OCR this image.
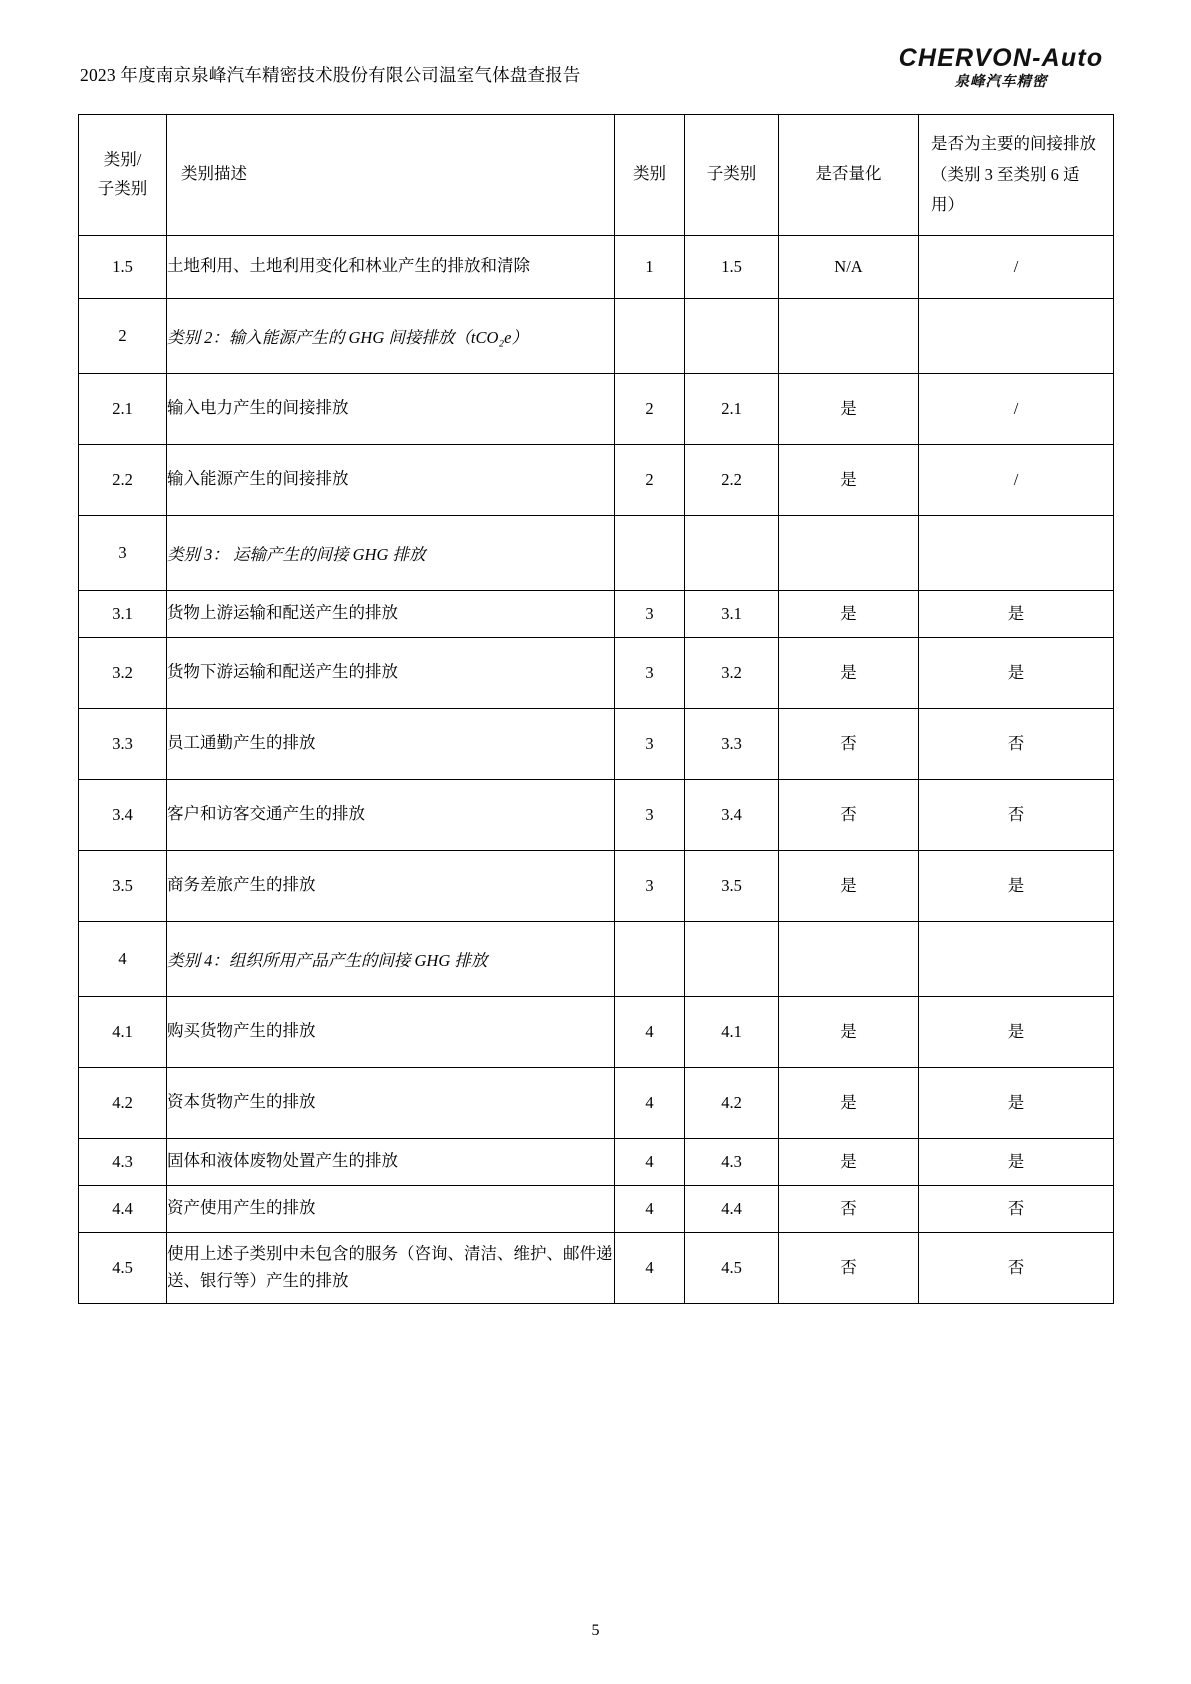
2023 年度南京泉峰汽车精密技术股份有限公司温室气体盘查报告
CHERVON-Auto
泉峰汽车精密
类别/
子类别	类别描述	类别	子类别	是否量化	是否为主要的间接排放（类别 3 至类别 6 适用）
1.5	土地利用、土地利用变化和林业产生的排放和清除	1	1.5	N/A	/
2	类别 2：输入能源产生的 GHG 间接排放（tCO₂e）				
2.1	输入电力产生的间接排放	2	2.1	是	/
2.2	输入能源产生的间接排放	2	2.2	是	/
3	类别 3： 运输产生的间接 GHG 排放				
3.1	货物上游运输和配送产生的排放	3	3.1	是	是
3.2	货物下游运输和配送产生的排放	3	3.2	是	是
3.3	员工通勤产生的排放	3	3.3	否	否
3.4	客户和访客交通产生的排放	3	3.4	否	否
3.5	商务差旅产生的排放	3	3.5	是	是
4	类别 4：组织所用产品产生的间接 GHG 排放				
4.1	购买货物产生的排放	4	4.1	是	是
4.2	资本货物产生的排放	4	4.2	是	是
4.3	固体和液体废物处置产生的排放	4	4.3	是	是
4.4	资产使用产生的排放	4	4.4	否	否
4.5	使用上述子类别中未包含的服务（咨询、清洁、维护、邮件递送、银行等）产生的排放	4	4.5	否	否
5
